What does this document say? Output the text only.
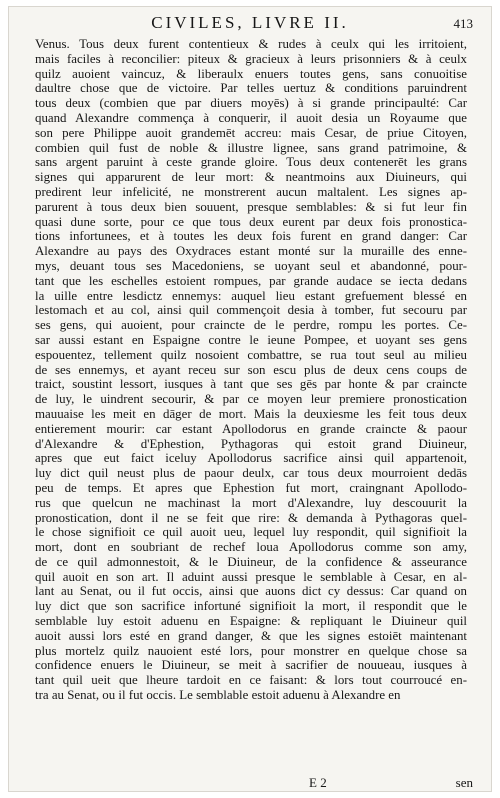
CIVILES, LIVRE II.	413
Venus. Tous deux furent contentieux & rudes à ceulx qui les irritoient,
mais faciles à reconcilier: piteux & gracieux à leurs prisonniers & à ceulx
quilz auoient vaincuz, & liberaulx enuers toutes gens, sans conuoitise
daultre chose que de victoire. Par telles uertuz & conditions paruindrent
tous deux (combien que par diuers moyēs) à si grande principaulté: Car
quand Alexandre commença à conquerir, il auoit desia un Royaume que
son pere Philippe auoit grandemēt accreu: mais Cesar, de priue Citoyen,
combien quil fust de noble & illustre lignee, sans grand patrimoine, &
sans argent paruint à ceste grande gloire. Tous deux contenerēt les grans
signes qui apparurent de leur mort: & neantmoins aux Diuineurs, qui
predirent leur infelicité, ne monstrerent aucun maltalent. Les signes ap-
parurent à tous deux bien souuent, presque semblables: & si fut leur fin
quasi dune sorte, pour ce que tous deux eurent par deux fois pronostica-
tions infortunees, et à toutes les deux fois furent en grand danger: Car
Alexandre au pays des Oxydraces estant monté sur la muraille des enne-
mys, deuant tous ses Macedoniens, se uoyant seul et abandonné, pour-
tant que les eschelles estoient rompues, par grande audace se iecta dedans
la uille entre lesdictz ennemys: auquel lieu estant grefuement blessé en
lestomach et au col, ainsi quil commençoit desia à tomber, fut secouru par
ses gens, qui auoient, pour craincte de le perdre, rompu les portes. Ce-
sar aussi estant en Espaigne contre le ieune Pompee, et uoyant ses gens
espouentez, tellement quilz nosoient combattre, se rua tout seul au milieu
de ses ennemys, et ayant receu sur son escu plus de deux cens coups de
traict, soustint lessort, iusques à tant que ses gēs par honte & par craincte
de luy, le uindrent secourir, & par ce moyen leur premiere pronostication
mauuaise les meit en dāger de mort. Mais la deuxiesme les feit tous deux
entierement mourir: car estant Apollodorus en grande craincte & paour
d'Alexandre & d'Ephestion, Pythagoras qui estoit grand Diuineur,
apres que eut faict iceluy Apollodorus sacrifice ainsi quil appartenoit,
luy dict quil neust plus de paour deulx, car tous deux mourroient dedās
peu de temps. Et apres que Ephestion fut mort, craingnant Apollodo-
rus que quelcun ne machinast la mort d'Alexandre, luy descouurit la
pronostication, dont il ne se feit que rire: & demanda à Pythagoras quel-
le chose signifioit ce quil auoit ueu, lequel luy respondit, quil signifioit la
mort, dont en soubriant de rechef loua Apollodorus comme son amy,
de ce quil admonnestoit, & le Diuineur, de la confidence & asseurance
quil auoit en son art. Il aduint aussi presque le semblable à Cesar, en al-
lant au Senat, ou il fut occis, ainsi que auons dict cy dessus: Car quand on
luy dict que son sacrifice infortuné signifioit la mort, il respondit que le
semblable luy estoit aduenu en Espaigne: & repliquant le Diuineur quil
auoit aussi lors esté en grand danger, & que les signes estoiēt maintenant
plus mortelz quilz nauoient esté lors, pour monstrer en quelque chose sa
confidence enuers le Diuineur, se meit à sacrifier de nouueau, iusques à
tant quil ueit que lheure tardoit en ce faisant: & lors tout courroucé en-
tra au Senat, ou il fut occis. Le semblable estoit aduenu à Alexandre en
E 2	sen
